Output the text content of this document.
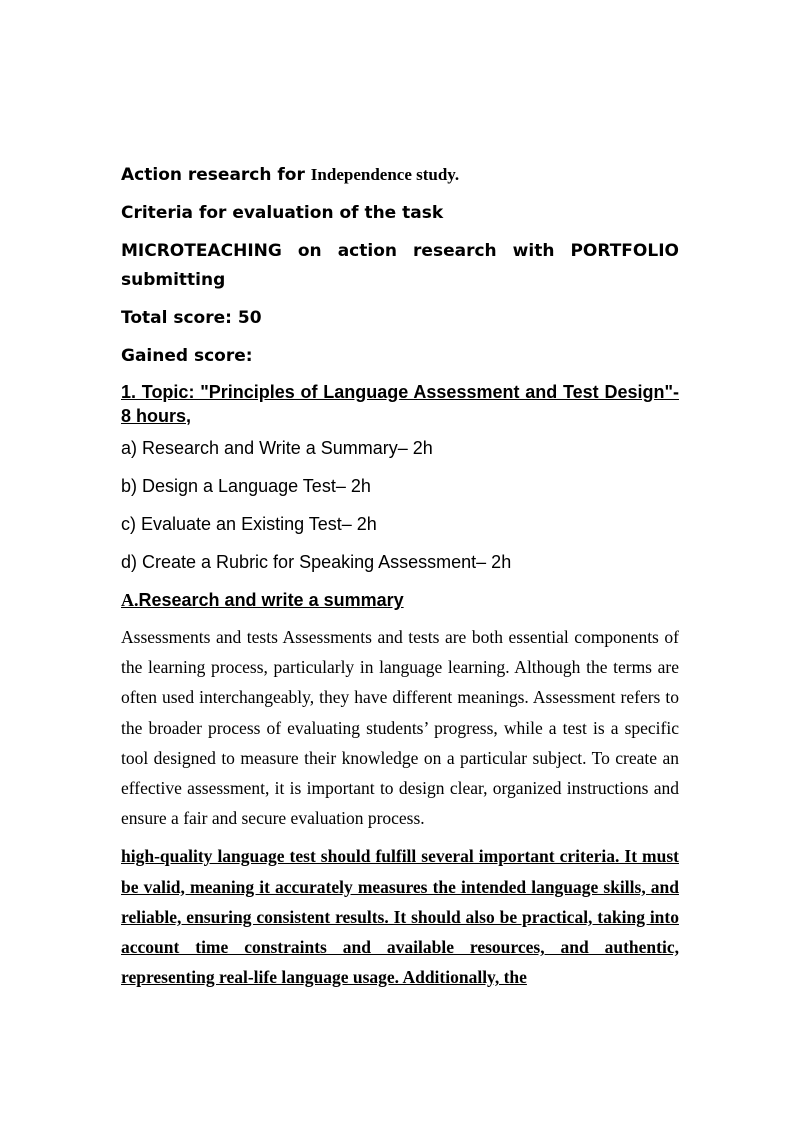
Action research for Independence study.
Criteria for evaluation of the task
MICROTEACHING on action research with PORTFOLIO submitting
Total score: 50
Gained score:
1. Topic: "Principles of Language Assessment and Test Design"- 8 hours,
a) Research and Write a Summary– 2h
b) Design a Language Test– 2h
c) Evaluate an Existing Test– 2h
d) Create a Rubric for Speaking Assessment– 2h
A.Research and write a summary

Assessments and tests Assessments and tests are both essential components of the learning process, particularly in language learning. Although the terms are often used interchangeably, they have different meanings. Assessment refers to the broader process of evaluating students’ progress, while a test is a specific tool designed to measure their knowledge on a particular subject. To create an effective assessment, it is important to design clear, organized instructions and ensure a fair and secure evaluation process.

high-quality language test should fulfill several important criteria. It must be valid, meaning it accurately measures the intended language skills, and reliable, ensuring consistent results. It should also be practical, taking into account time constraints and available resources, and authentic, representing real-life language usage. Additionally, the
